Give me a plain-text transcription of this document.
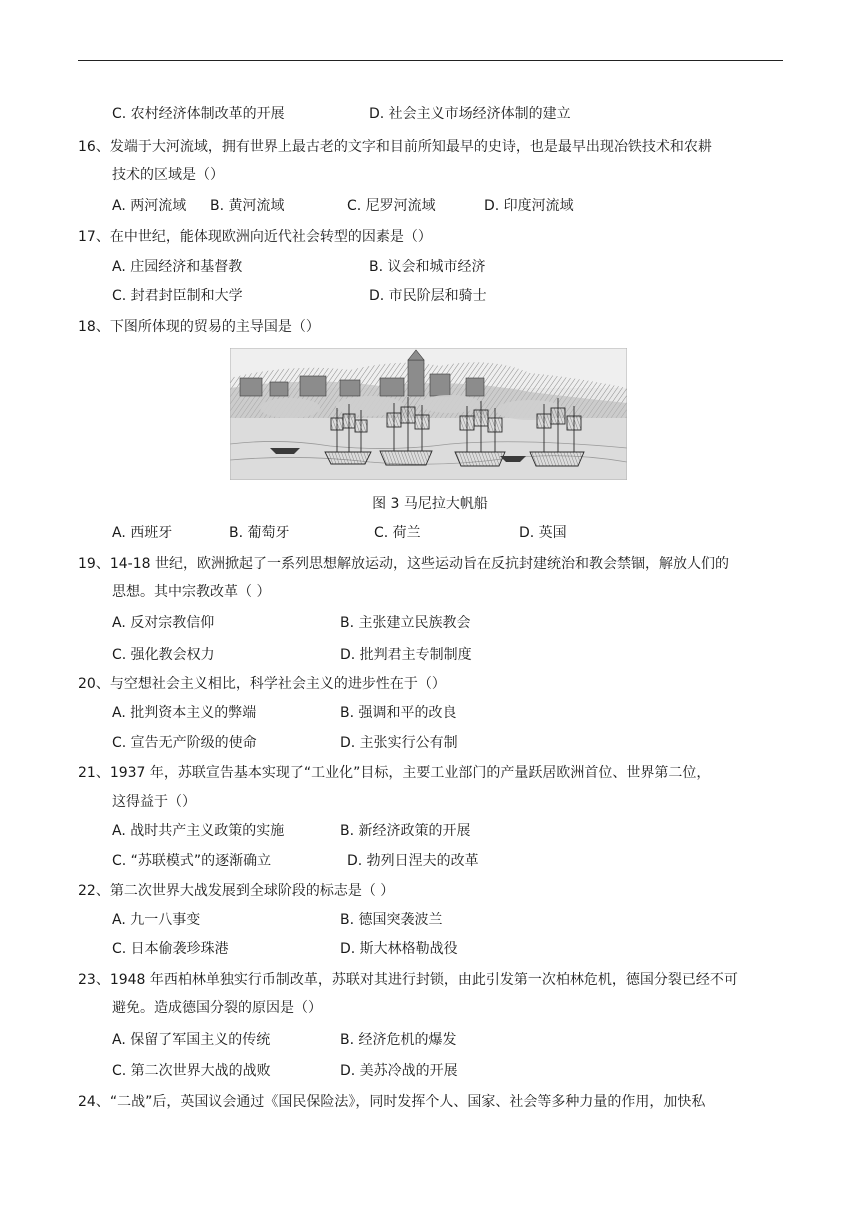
C. 农村经济体制改革的开展	D. 社会主义市场经济体制的建立
16、发端于大河流域，拥有世界上最古老的文字和目前所知最早的史诗，也是最早出现冶铁技术和农耕
技术的区域是（）
A. 两河流域 B. 黄河流域	C. 尼罗河流域	D. 印度河流域
17、在中世纪，能体现欧洲向近代社会转型的因素是（）
A. 庄园经济和基督教	B. 议会和城市经济
C. 封君封臣制和大学	D. 市民阶层和骑士
18、下图所体现的贸易的主导国是（）
图 3 马尼拉大帆船
A. 西班牙	B. 葡萄牙	C. 荷兰	D. 英国
19、14-18 世纪，欧洲掀起了一系列思想解放运动，这些运动旨在反抗封建统治和教会禁锢，解放人们的
思想。其中宗教改革（ ）
A. 反对宗教信仰	B. 主张建立民族教会
C. 强化教会权力	D. 批判君主专制制度
20、与空想社会主义相比，科学社会主义的进步性在于（）
A. 批判资本主义的弊端	B. 强调和平的改良
C. 宣告无产阶级的使命	D. 主张实行公有制
21、1937 年，苏联宣告基本实现了“工业化”目标，主要工业部门的产量跃居欧洲首位、世界第二位，
这得益于（）
A. 战时共产主义政策的实施	B. 新经济政策的开展
C. “苏联模式”的逐渐确立	D. 勃列日涅夫的改革
22、第二次世界大战发展到全球阶段的标志是（ ）
A. 九一八事变	B. 德国突袭波兰
C. 日本偷袭珍珠港	D. 斯大林格勒战役
23、1948 年西柏林单独实行币制改革，苏联对其进行封锁，由此引发第一次柏林危机，德国分裂已经不可
避免。造成德国分裂的原因是（）
A. 保留了军国主义的传统	B. 经济危机的爆发
C. 第二次世界大战的战败	D. 美苏冷战的开展
24、“二战”后，英国议会通过《国民保险法》，同时发挥个人、国家、社会等多种力量的作用，加快私
